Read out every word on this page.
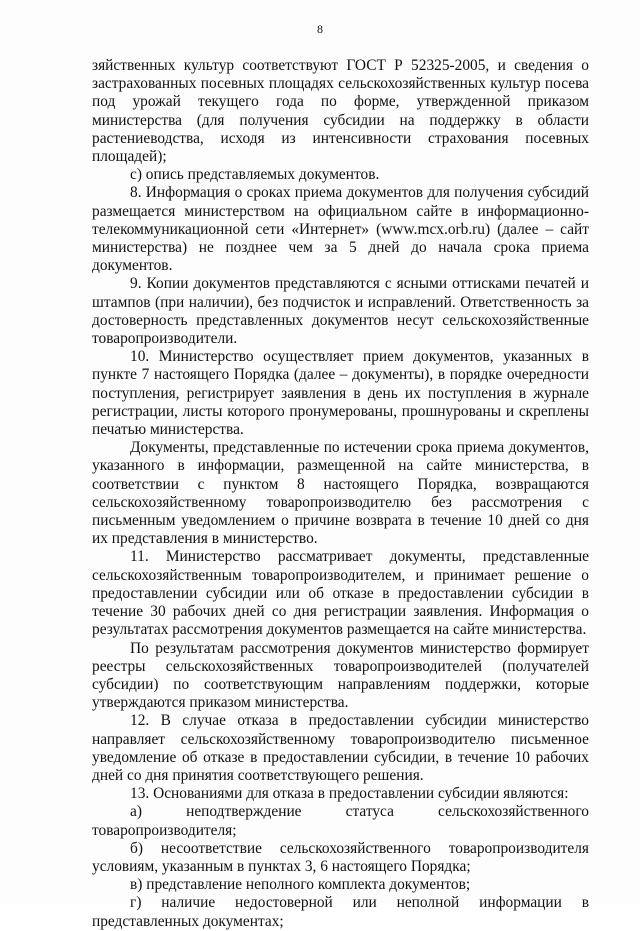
8

зяйственных культур соответствуют ГОСТ Р 52325-2005, и сведения о застрахованных посевных площадях сельскохозяйственных культур посева под урожай текущего года по форме, утвержденной приказом министерства (для получения субсидии на поддержку в области растениеводства, исходя из интенсивности страхования посевных площадей);

с) опись представляемых документов.

8. Информация о сроках приема документов для получения субсидий размещается министерством на официальном сайте в информационно-телекоммуникационной сети «Интернет» (www.mcx.orb.ru) (далее – сайт министерства) не позднее чем за 5 дней до начала срока приема документов.

9. Копии документов представляются с ясными оттисками печатей и штампов (при наличии), без подчисток и исправлений. Ответственность за достоверность представленных документов несут сельскохозяйственные товаропроизводители.

10. Министерство осуществляет прием документов, указанных в пункте 7 настоящего Порядка (далее – документы), в порядке очередности поступления, регистрирует заявления в день их поступления в журнале регистрации, листы которого пронумерованы, прошнурованы и скреплены печатью министерства.

Документы, представленные по истечении срока приема документов, указанного в информации, размещенной на сайте министерства, в соответствии с пунктом 8 настоящего Порядка, возвращаются сельскохозяйственному товаропроизводителю без рассмотрения с письменным уведомлением о причине возврата в течение 10 дней со дня их представления в министерство.

11. Министерство рассматривает документы, представленные сельскохозяйственным товаропроизводителем, и принимает решение о предоставлении субсидии или об отказе в предоставлении субсидии в течение 30 рабочих дней со дня регистрации заявления. Информация о результатах рассмотрения документов размещается на сайте министерства.

По результатам рассмотрения документов министерство формирует реестры сельскохозяйственных товаропроизводителей (получателей субсидии) по соответствующим направлениям поддержки, которые утверждаются приказом министерства.

12. В случае отказа в предоставлении субсидии министерство направляет сельскохозяйственному товаропроизводителю письменное уведомление об отказе в предоставлении субсидии, в течение 10 рабочих дней со дня принятия соответствующего решения.

13. Основаниями для отказа в предоставлении субсидии являются:

а) неподтверждение статуса сельскохозяйственного товаропроизводителя;

б) несоответствие сельскохозяйственного товаропроизводителя условиям, указанным в пунктах 3, 6 настоящего Порядка;

в) представление неполного комплекта документов;

г) наличие недостоверной или неполной информации в представленных документах;
